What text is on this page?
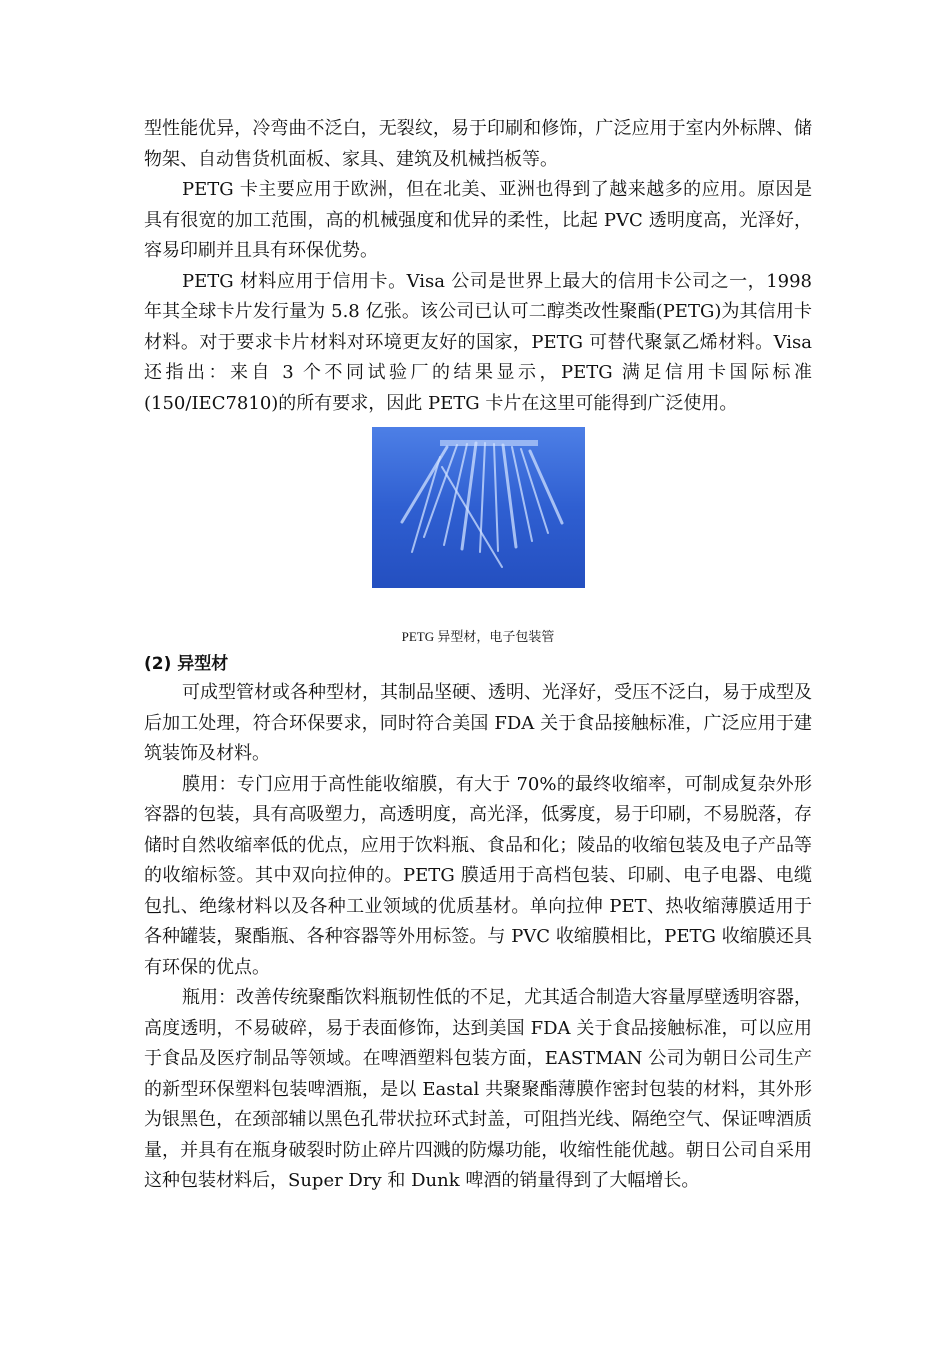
型性能优异，冷弯曲不泛白，无裂纹，易于印刷和修饰，广泛应用于室内外标牌、储物架、自动售货机面板、家具、建筑及机械挡板等。

PETG 卡主要应用于欧洲，但在北美、亚洲也得到了越来越多的应用。原因是具有很宽的加工范围，高的机械强度和优异的柔性，比起 PVC 透明度高，光泽好，容易印刷并且具有环保优势。

PETG 材料应用于信用卡。Visa 公司是世界上最大的信用卡公司之一，1998 年其全球卡片发行量为 5.8 亿张。该公司已认可二醇类改性聚酯(PETG)为其信用卡材料。对于要求卡片材料对环境更友好的国家，PETG 可替代聚氯乙烯材料。Visa 还指出：来自 3 个不同试验厂的结果显示，PETG 满足信用卡国际标准(150/IEC7810)的所有要求，因此 PETG 卡片在这里可能得到广泛使用。

PETG 异型材，电子包装管

(2) 异型材

可成型管材或各种型材，其制品坚硬、透明、光泽好，受压不泛白，易于成型及后加工处理，符合环保要求，同时符合美国 FDA 关于食品接触标准，广泛应用于建筑装饰及材料。

膜用：专门应用于高性能收缩膜，有大于 70%的最终收缩率，可制成复杂外形容器的包装，具有高吸塑力，高透明度，高光泽，低雾度，易于印刷，不易脱落，存储时自然收缩率低的优点，应用于饮料瓶、食品和化；陵品的收缩包装及电子产品等的收缩标签。其中双向拉伸的。PETG 膜适用于高档包装、印刷、电子电器、电缆包扎、绝缘材料以及各种工业领域的优质基材。单向拉伸 PET、热收缩薄膜适用于各种罐装，聚酯瓶、各种容器等外用标签。与 PVC 收缩膜相比，PETG 收缩膜还具有环保的优点。

瓶用：改善传统聚酯饮料瓶韧性低的不足，尤其适合制造大容量厚壁透明容器，高度透明，不易破碎，易于表面修饰，达到美国 FDA 关于食品接触标准，可以应用于食品及医疗制品等领域。在啤酒塑料包装方面，EASTMAN 公司为朝日公司生产的新型环保塑料包装啤酒瓶，是以 Eastal 共聚聚酯薄膜作密封包装的材料，其外形为银黑色，在颈部辅以黑色孔带状拉环式封盖，可阻挡光线、隔绝空气、保证啤酒质量，并具有在瓶身破裂时防止碎片四溅的防爆功能，收缩性能优越。朝日公司自采用这种包装材料后，Super Dry 和 Dunk 啤酒的销量得到了大幅增长。
